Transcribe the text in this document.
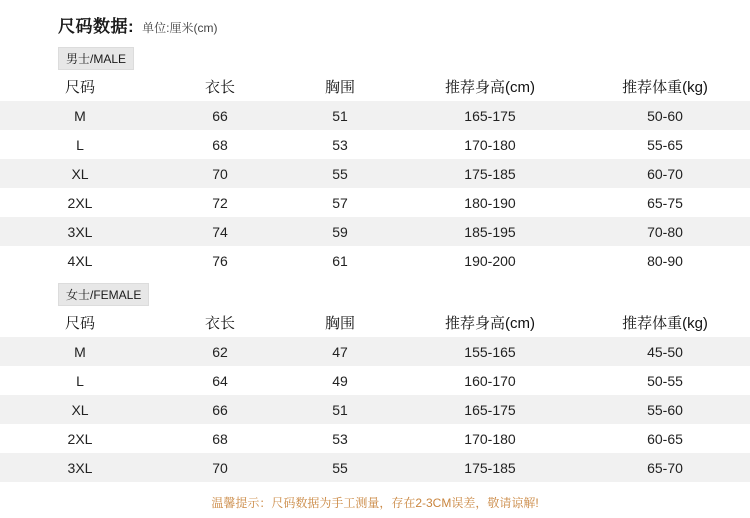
尺码数据: 单位:厘米(cm)
男士/MALE
尺码	衣长	胸围	推荐身高(cm)	推荐体重(kg)
M	66	51	165-175	50-60
L	68	53	170-180	55-65
XL	70	55	175-185	60-70
2XL	72	57	180-190	65-75
3XL	74	59	185-195	70-80
4XL	76	61	190-200	80-90
女士/FEMALE
尺码	衣长	胸围	推荐身高(cm)	推荐体重(kg)
M	62	47	155-165	45-50
L	64	49	160-170	50-55
XL	66	51	165-175	55-60
2XL	68	53	170-180	60-65
3XL	70	55	175-185	65-70
温馨提示：尺码数据为手工测量，存在2-3CM误差，敬请谅解!
